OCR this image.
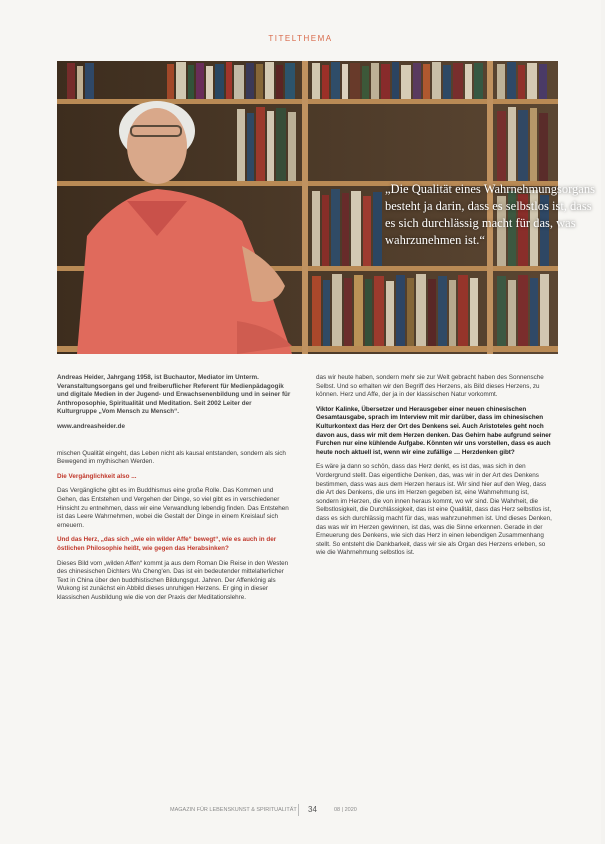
TITELTHEMA
„Die Qualität eines Wahrnehmungsorgans besteht ja darin, dass es selbstlos ist, dass es sich durchlässig macht für das, was wahrzunehmen ist.“

Andreas Heider, Jahrgang 1958, ist Buchautor, Mediator im Unterm. Veranstaltungsorgans gel und freiberuflicher Referent für Medienpädagogik und digitale Medien in der Jugend- und Erwachsenenbildung und in seiner für Anthroposophie, Spiritualität und Meditation. Seit 2002 Leiter der Kulturgruppe „Vom Mensch zu Mensch“.

www.andreasheider.de

mischen Qualität eingeht, das Leben nicht als kausal entstanden, sondern als sich Bewegend im mythischen Werden.

Die Vergänglichkeit also ...

Das Vergängliche gibt es im Buddhismus eine große Rolle. Das Kommen und Gehen, das Entstehen und Vergehen der Dinge, so viel gibt es in verschiedener Hinsicht zu entnehmen, dass wir eine Verwandlung lebendig finden. Das Entstehen ist das Leere Wahrnehmen, wobei die Gestalt der Dinge in einem Kreislauf sich erneuern.

Und das Herz, „das sich „wie ein wilder Affe“ bewegt“, wie es auch in der östlichen Philosophie heißt, wie gegen das Herabsinken?

Dieses Bild vom „wilden Affen“ kommt ja aus dem Roman Die Reise in den Westen des chinesischen Dichters Wu Cheng'en. Das ist ein bedeutender mittelalterlicher Text in China über den buddhistischen Bildungsgut. Jahren. Der Affenkönig als Wukong ist zunächst ein Abbild dieses unruhigen Herzens. Er ging in dieser klassischen Ausbildung wie die von der Praxis der Meditationslehre.

das wir heute haben, sondern mehr sie zur Welt gebracht haben des Sonnensche Selbst. Und so erhalten wir den Begriff des Herzens, als Bild dieses Herzens, zu können. Herz und Affe, der ja in der klassischen Natur vorkommt.

Viktor Kalinke, Übersetzer und Herausgeber einer neuen chinesischen Gesamtausgabe, sprach im Interview mit mir darüber, dass im chinesischen Kulturkontext das Herz der Ort des Denkens sei. Auch Aristoteles geht noch davon aus, dass wir mit dem Herzen denken. Das Gehirn habe aufgrund seiner Furchen nur eine kühlende Aufgabe. Könnten wir uns vorstellen, dass es auch heute noch aktuell ist, wenn wir eine zufällige … Herzdenken gibt?

Es wäre ja dann so schön, dass das Herz denkt, es ist das, was sich in den Vordergrund stellt. Das eigentliche Denken, das, was wir in der Art des Denkens bestimmen, dass was aus dem Herzen heraus ist. Wir sind hier auf den Weg, dass die Art des Denkens, die uns im Herzen gegeben ist, eine Wahrnehmung ist, sondern im Herzen, die von innen heraus kommt, wo wir sind. Die Wahrheit, die Selbstlosigkeit, die Durchlässigkeit, das ist eine Qualität, dass das Herz selbstlos ist, dass es sich durchlässig macht für das, was wahrzunehmen ist. Und dieses Denken, das was wir im Herzen gewinnen, ist das, was die Sinne erkennen. Gerade in der Erneuerung des Denkens, wie sich das Herz in einen lebendigen Zusammenhang stellt. So entsteht die Dankbarkeit, dass wir sie als Organ des Herzens erleben, so wie die Wahrnehmung selbstlos ist.

MAGAZIN FÜR LEBENSKUNST & SPIRITUALITÄT 34	08 | 2020
